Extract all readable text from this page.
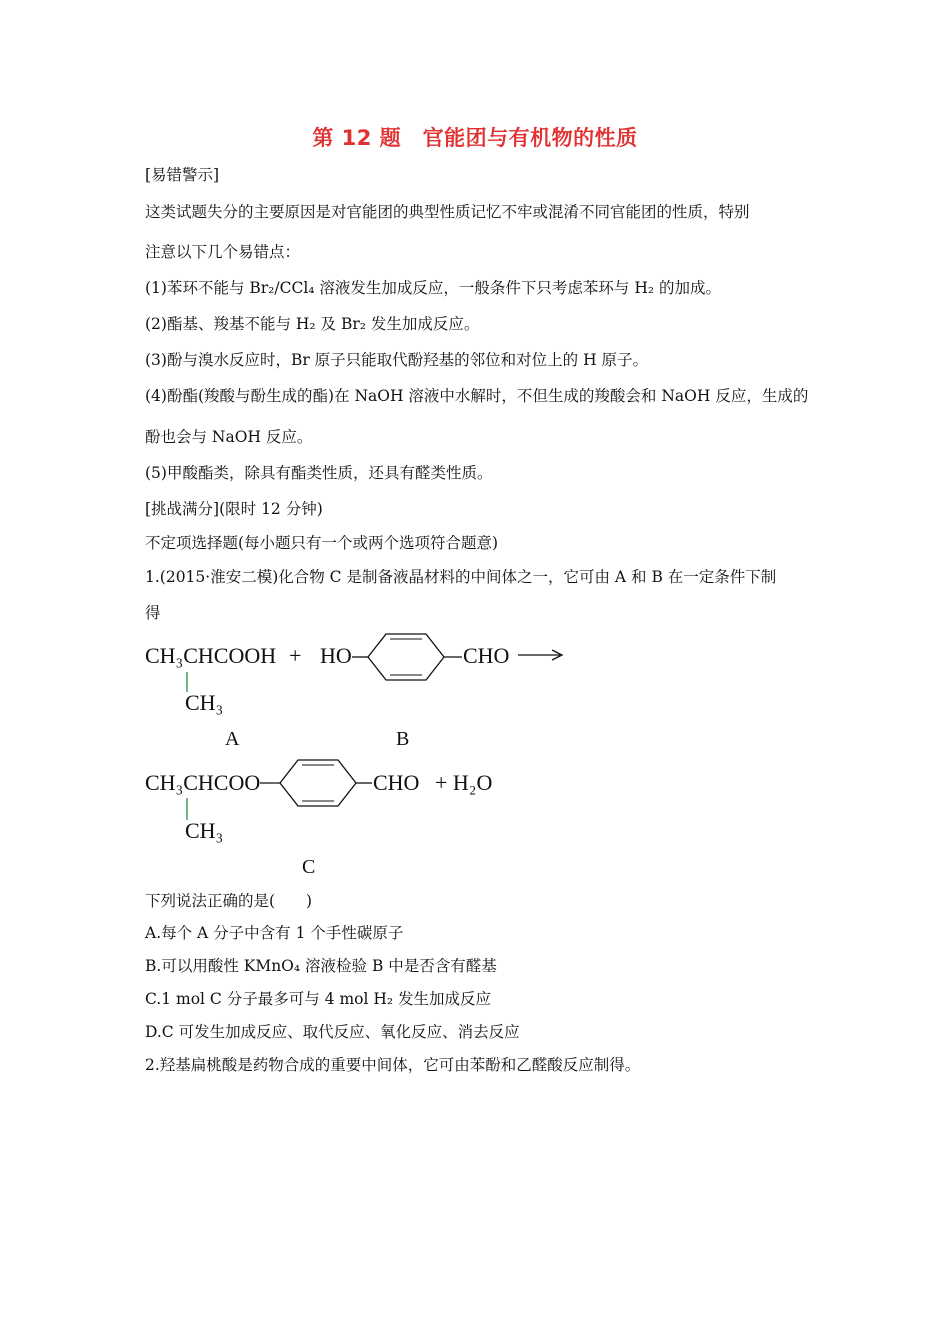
第 12 题　官能团与有机物的性质
[易错警示]
这类试题失分的主要原因是对官能团的典型性质记忆不牢或混淆不同官能团的性质，特别
注意以下几个易错点：
(1)苯环不能与 Br₂/CCl₄ 溶液发生加成反应，一般条件下只考虑苯环与 H₂ 的加成。
(2)酯基、羧基不能与 H₂ 及 Br₂ 发生加成反应。
(3)酚与溴水反应时，Br 原子只能取代酚羟基的邻位和对位上的 H 原子。
(4)酚酯(羧酸与酚生成的酯)在 NaOH 溶液中水解时，不但生成的羧酸会和 NaOH 反应，生成的
酚也会与 NaOH 反应。
(5)甲酸酯类，除具有酯类性质，还具有醛类性质。
[挑战满分](限时 12 分钟)
不定项选择题(每小题只有一个或两个选项符合题意)
1.(2015·淮安二模)化合物 C 是制备液晶材料的中间体之一，它可由 A 和 B 在一定条件下制
得
CH₃CHCOOH
CH₃
+ HO	CHO →
A	B
CH₃CHCOO
CH₃
CHO + H₂O
C
下列说法正确的是(　　)
A.每个 A 分子中含有 1 个手性碳原子
B.可以用酸性 KMnO₄ 溶液检验 B 中是否含有醛基
C.1 mol C 分子最多可与 4 mol H₂ 发生加成反应
D.C 可发生加成反应、取代反应、氧化反应、消去反应
2.羟基扁桃酸是药物合成的重要中间体，它可由苯酚和乙醛酸反应制得。
